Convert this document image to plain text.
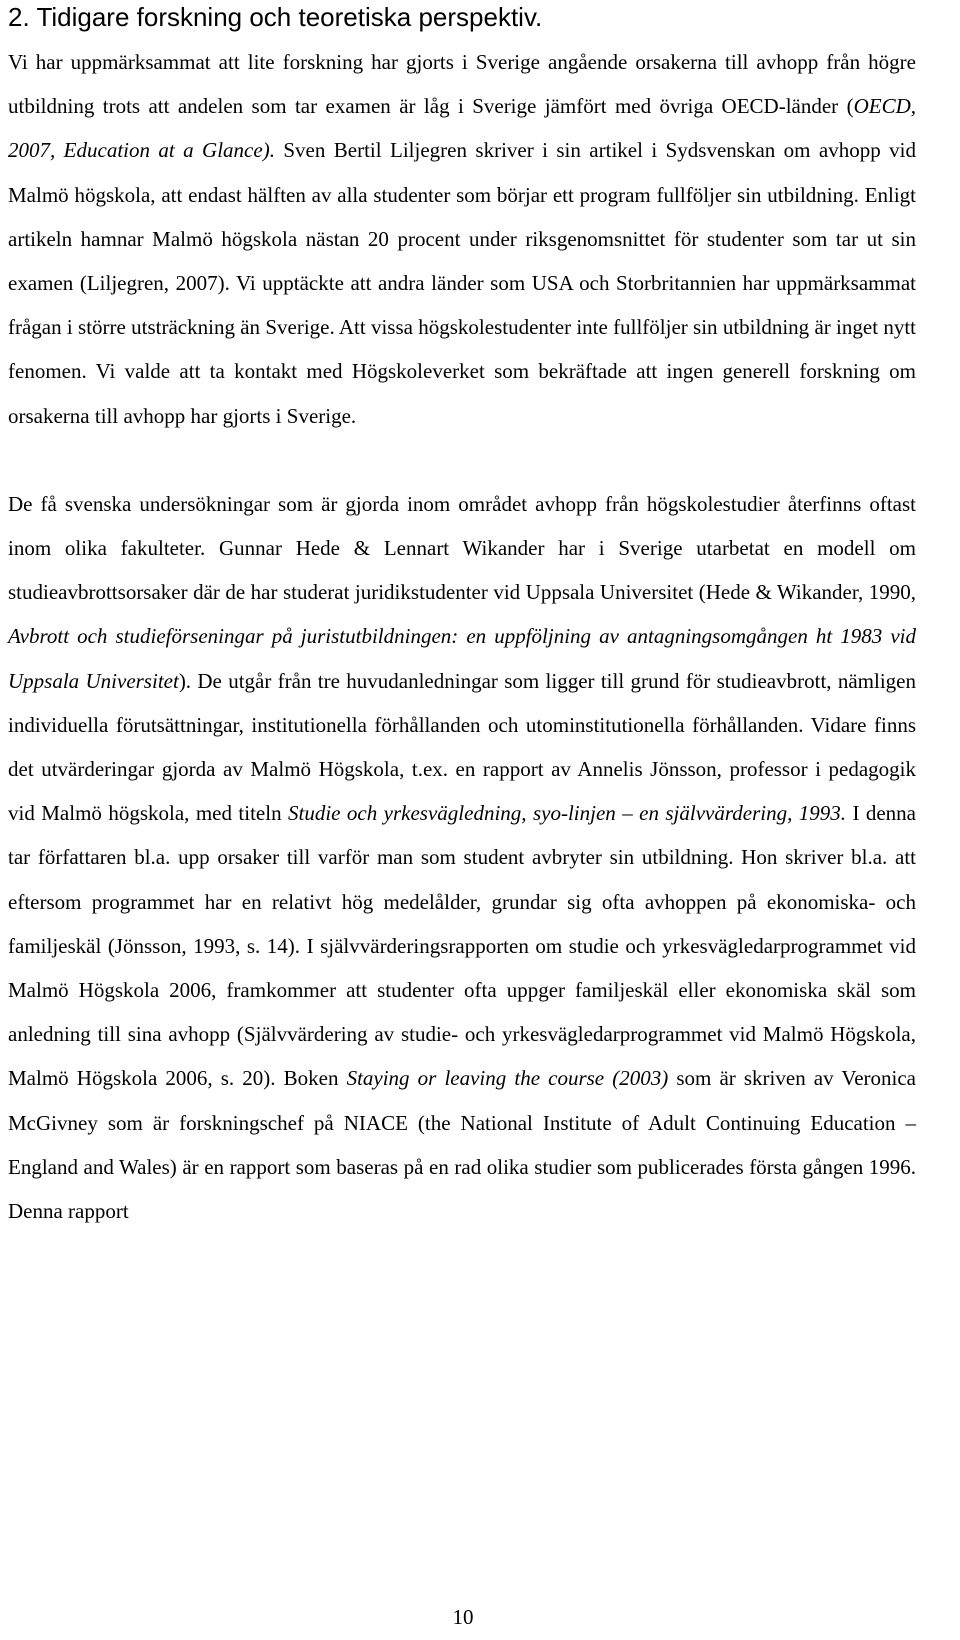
2. Tidigare forskning och teoretiska perspektiv.

Vi har uppmärksammat att lite forskning har gjorts i Sverige angående orsakerna till avhopp från högre utbildning trots att andelen som tar examen är låg i Sverige jämfört med övriga OECD-länder (OECD, 2007, Education at a Glance). Sven Bertil Liljegren skriver i sin artikel i Sydsvenskan om avhopp vid Malmö högskola, att endast hälften av alla studenter som börjar ett program fullföljer sin utbildning. Enligt artikeln hamnar Malmö högskola nästan 20 procent under riksgenomsnittet för studenter som tar ut sin examen (Liljegren, 2007). Vi upptäckte att andra länder som USA och Storbritannien har uppmärksammat frågan i större utsträckning än Sverige. Att vissa högskolestudenter inte fullföljer sin utbildning är inget nytt fenomen. Vi valde att ta kontakt med Högskoleverket som bekräftade att ingen generell forskning om orsakerna till avhopp har gjorts i Sverige.

De få svenska undersökningar som är gjorda inom området avhopp från högskolestudier återfinns oftast inom olika fakulteter. Gunnar Hede & Lennart Wikander har i Sverige utarbetat en modell om studieavbrottsorsaker där de har studerat juridikstudenter vid Uppsala Universitet (Hede & Wikander, 1990, Avbrott och studieförseningar på juristutbildningen: en uppföljning av antagningsomgången ht 1983 vid Uppsala Universitet). De utgår från tre huvudanledningar som ligger till grund för studieavbrott, nämligen individuella förutsättningar, institutionella förhållanden och utominstitutionella förhållanden. Vidare finns det utvärderingar gjorda av Malmö Högskola, t.ex. en rapport av Annelis Jönsson, professor i pedagogik vid Malmö högskola, med titeln Studie och yrkesvägledning, syo-linjen – en självvärdering, 1993. I denna tar författaren bl.a. upp orsaker till varför man som student avbryter sin utbildning. Hon skriver bl.a. att eftersom programmet har en relativt hög medelålder, grundar sig ofta avhoppen på ekonomiska- och familjeskäl (Jönsson, 1993, s. 14). I självvärderingsrapporten om studie och yrkesvägledarprogrammet vid Malmö Högskola 2006, framkommer att studenter ofta uppger familjeskäl eller ekonomiska skäl som anledning till sina avhopp (Självvärdering av studie- och yrkesvägledarprogrammet vid Malmö Högskola, Malmö Högskola 2006, s. 20). Boken Staying or leaving the course (2003) som är skriven av Veronica McGivney som är forskningschef på NIACE (the National Institute of Adult Continuing Education – England and Wales) är en rapport som baseras på en rad olika studier som publicerades första gången 1996. Denna rapport

10
